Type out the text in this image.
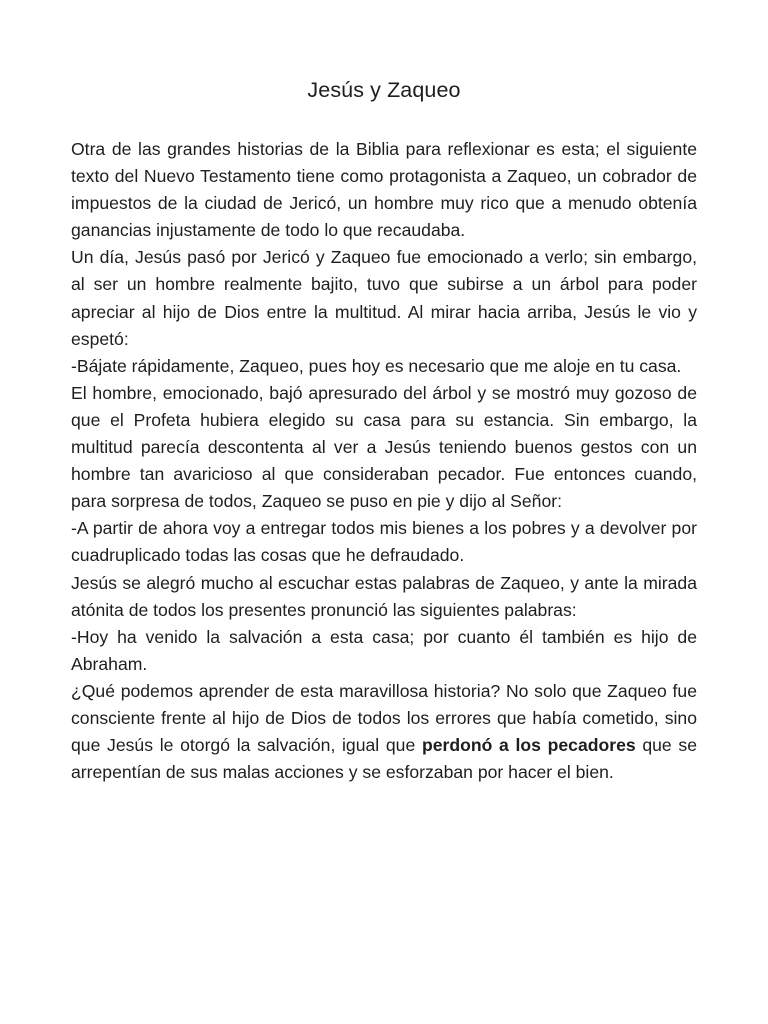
Jesús y Zaqueo

Otra de las grandes historias de la Biblia para reflexionar es esta; el siguiente texto del Nuevo Testamento tiene como protagonista a Zaqueo, un cobrador de impuestos de la ciudad de Jericó, un hombre muy rico que a menudo obtenía ganancias injustamente de todo lo que recaudaba.

Un día, Jesús pasó por Jericó y Zaqueo fue emocionado a verlo; sin embargo, al ser un hombre realmente bajito, tuvo que subirse a un árbol para poder apreciar al hijo de Dios entre la multitud. Al mirar hacia arriba, Jesús le vio y espetó:

-Bájate rápidamente, Zaqueo, pues hoy es necesario que me aloje en tu casa.

El hombre, emocionado, bajó apresurado del árbol y se mostró muy gozoso de que el Profeta hubiera elegido su casa para su estancia. Sin embargo, la multitud parecía descontenta al ver a Jesús teniendo buenos gestos con un hombre tan avaricioso al que consideraban pecador. Fue entonces cuando, para sorpresa de todos, Zaqueo se puso en pie y dijo al Señor:

-A partir de ahora voy a entregar todos mis bienes a los pobres y a devolver por cuadruplicado todas las cosas que he defraudado.

Jesús se alegró mucho al escuchar estas palabras de Zaqueo, y ante la mirada atónita de todos los presentes pronunció las siguientes palabras:

-Hoy ha venido la salvación a esta casa; por cuanto él también es hijo de Abraham.

¿Qué podemos aprender de esta maravillosa historia? No solo que Zaqueo fue consciente frente al hijo de Dios de todos los errores que había cometido, sino que Jesús le otorgó la salvación, igual que perdonó a los pecadores que se arrepentían de sus malas acciones y se esforzaban por hacer el bien.
